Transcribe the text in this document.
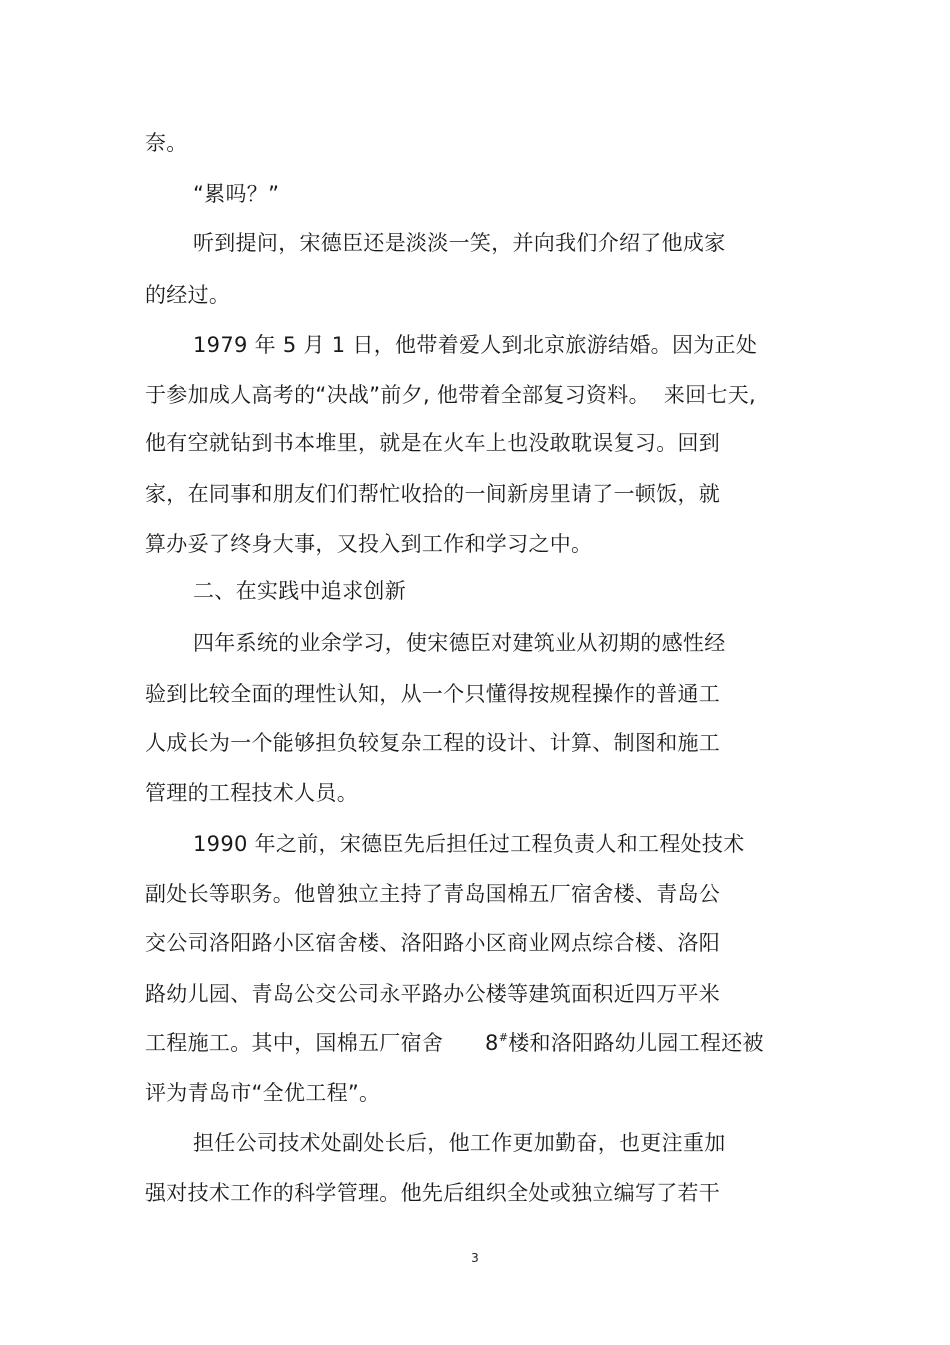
奈。
“累吗？”
听到提问，宋德臣还是淡淡一笑，并向我们介绍了他成家
的经过。
1979 年 5 月 1 日，他带着爱人到北京旅游结婚。因为正处
于参加成人高考的“决战”前夕, 他带着全部复习资料。  来回七天,
他有空就钻到书本堆里，就是在火车上也没敢耽误复习。回到
家，在同事和朋友们们帮忙收拾的一间新房里请了一顿饭，就
算办妥了终身大事，又投入到工作和学习之中。
二、在实践中追求创新
四年系统的业余学习，使宋德臣对建筑业从初期的感性经
验到比较全面的理性认知，从一个只懂得按规程操作的普通工
人成长为一个能够担负较复杂工程的设计、计算、制图和施工
管理的工程技术人员。
1990 年之前，宋德臣先后担任过工程负责人和工程处技术
副处长等职务。他曾独立主持了青岛国棉五厂宿舍楼、青岛公
交公司洛阳路小区宿舍楼、洛阳路小区商业网点综合楼、洛阳
路幼儿园、青岛公交公司永平路办公楼等建筑面积近四万平米
工程施工。其中，国棉五厂宿舍      8#楼和洛阳路幼儿园工程还被
评为青岛市“全优工程”。
担任公司技术处副处长后，他工作更加勤奋，也更注重加
强对技术工作的科学管理。他先后组织全处或独立编写了若干
3
